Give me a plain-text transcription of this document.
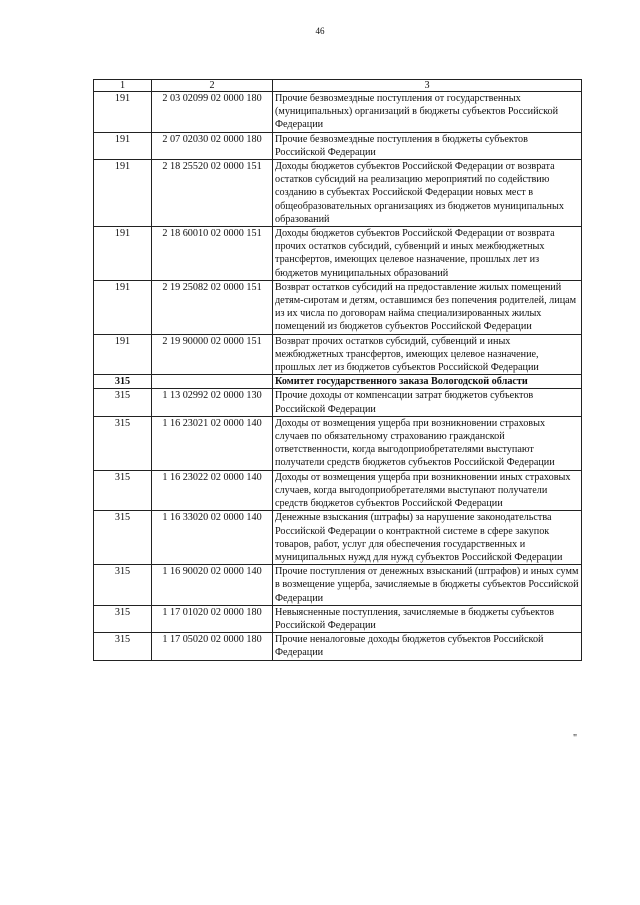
46
1	2	3
191	2 03 02099 02 0000 180	Прочие безвозмездные поступления от государственных (муниципальных) организаций в бюджеты субъектов Российской Федерации
191	2 07 02030 02 0000 180	Прочие безвозмездные поступления в бюджеты субъектов Российской Федерации
191	2 18 25520 02 0000 151	Доходы бюджетов субъектов Российской Федерации от возврата остатков субсидий на реализацию мероприятий по содействию созданию в субъектах Российской Федерации новых мест в общеобразовательных организациях из бюджетов муниципальных образований
191	2 18 60010 02 0000 151	Доходы бюджетов субъектов Российской Федерации от возврата прочих остатков субсидий, субвенций и иных межбюджетных трансфертов, имеющих целевое назначение, прошлых лет из бюджетов муниципальных образований
191	2 19 25082 02 0000 151	Возврат остатков субсидий на предоставление жилых помещений детям-сиротам и детям, оставшимся без попечения родителей, лицам из их числа по договорам найма специализированных жилых помещений из бюджетов субъектов Российской Федерации
191	2 19 90000 02 0000 151	Возврат прочих остатков субсидий, субвенций и иных межбюджетных трансфертов, имеющих целевое назначение, прошлых лет из бюджетов субъектов Российской Федерации
315		Комитет государственного заказа Вологодской области
315	1 13 02992 02 0000 130	Прочие доходы от компенсации затрат бюджетов субъектов Российской Федерации
315	1 16 23021 02 0000 140	Доходы от возмещения ущерба при возникновении страховых случаев по обязательному страхованию гражданской ответственности, когда выгодоприобретателями выступают получатели средств бюджетов субъектов Российской Федерации
315	1 16 23022 02 0000 140	Доходы от возмещения ущерба при возникновении иных страховых случаев, когда выгодоприобретателями выступают получатели средств бюджетов субъектов Российской Федерации
315	1 16 33020 02 0000 140	Денежные взыскания (штрафы) за нарушение законодательства Российской Федерации о контрактной системе в сфере закупок товаров, работ, услуг для обеспечения государственных и муниципальных нужд для нужд субъектов Российской Федерации
315	1 16 90020 02 0000 140	Прочие поступления от денежных взысканий (штрафов) и иных сумм в возмещение ущерба, зачисляемые в бюджеты субъектов Российской Федерации
315	1 17 01020 02 0000 180	Невыясненные поступления, зачисляемые в бюджеты субъектов Российской Федерации
315	1 17 05020 02 0000 180	Прочие неналоговые доходы бюджетов субъектов Российской Федерации
"
